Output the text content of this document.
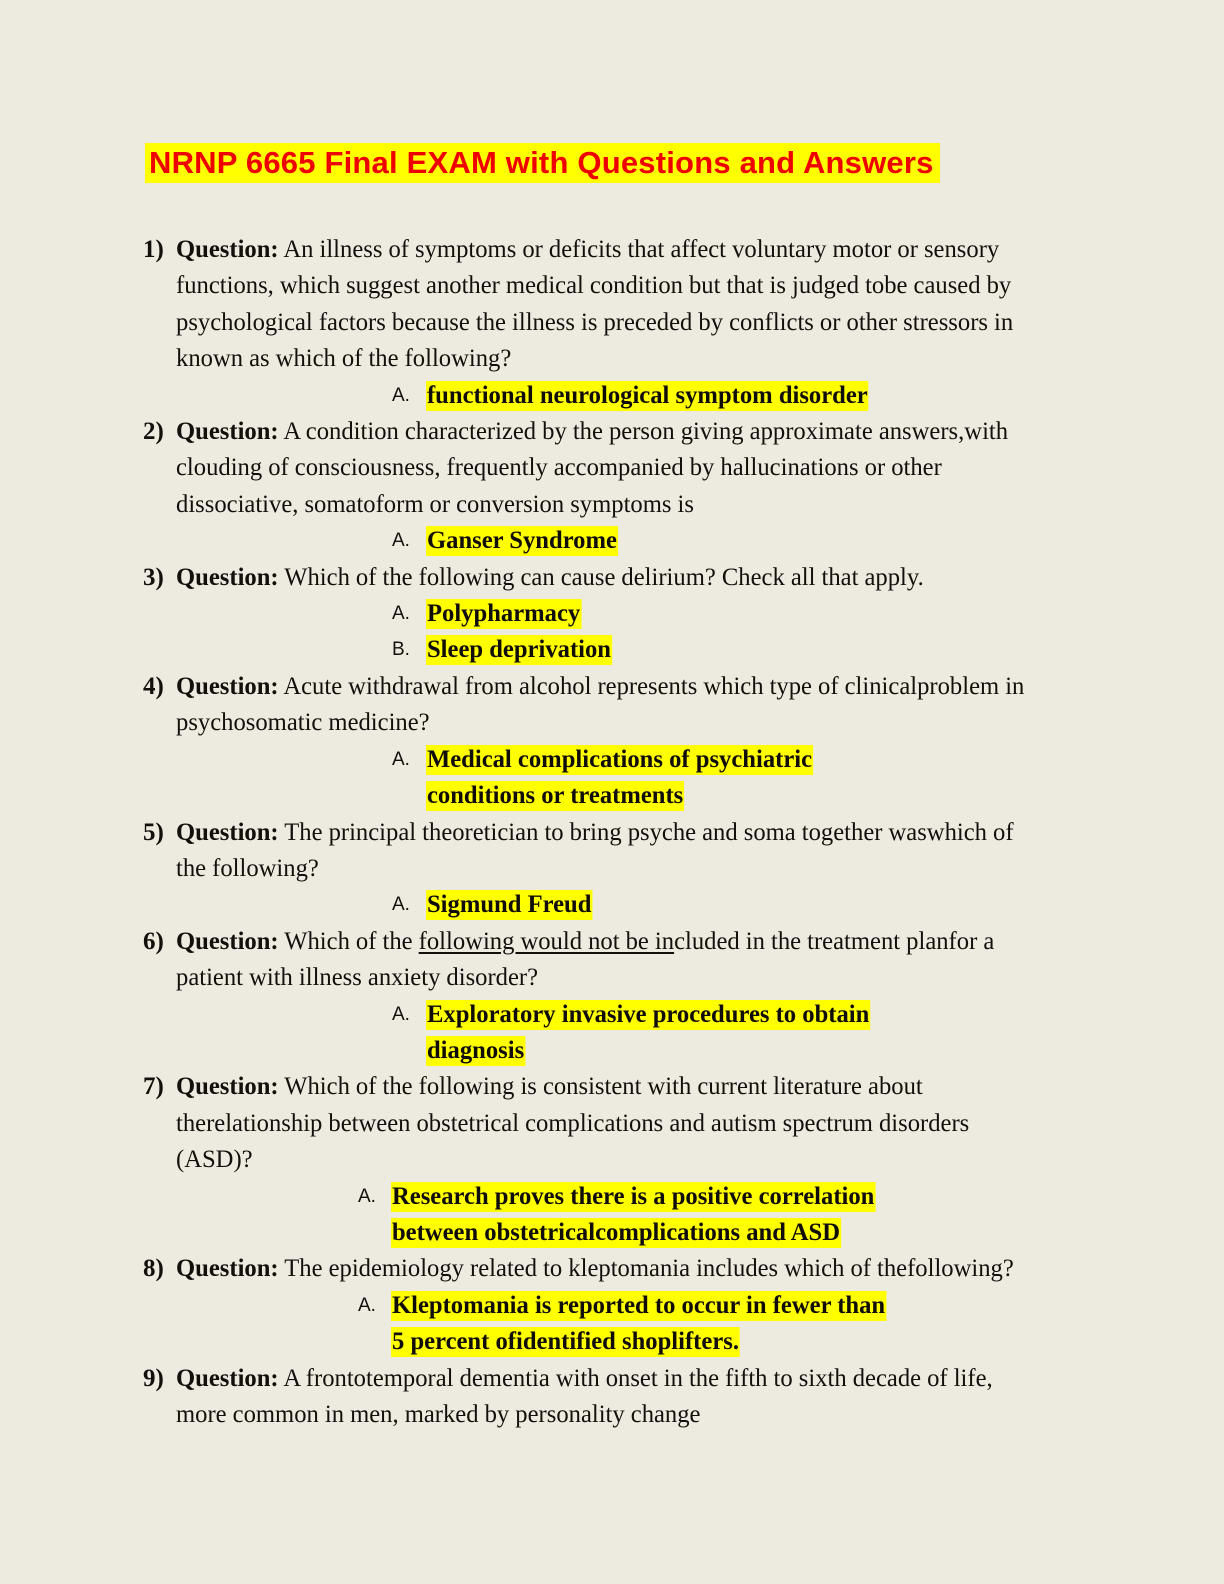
NRNP 6665 Final EXAM with Questions and Answers
1) Question: An illness of symptoms or deficits that affect voluntary motor or sensory functions, which suggest another medical condition but that is judged tobe caused by psychological factors because the illness is preceded by conflicts or other stressors in known as which of the following?
A. functional neurological symptom disorder
2) Question: A condition characterized by the person giving approximate answers,with clouding of consciousness, frequently accompanied by hallucinations or other dissociative, somatoform or conversion symptoms is
A. Ganser Syndrome
3) Question: Which of the following can cause delirium? Check all that apply.
A. Polypharmacy
B. Sleep deprivation
4) Question: Acute withdrawal from alcohol represents which type of clinicalproblem in psychosomatic medicine?
A. Medical complications of psychiatric conditions or treatments
5) Question: The principal theoretician to bring psyche and soma together waswhich of the following?
A. Sigmund Freud
6) Question: Which of the following would not be included in the treatment planfor a patient with illness anxiety disorder?
A. Exploratory invasive procedures to obtain diagnosis
7) Question: Which of the following is consistent with current literature about therelationship between obstetrical complications and autism spectrum disorders (ASD)?
A. Research proves there is a positive correlation between obstetricalcomplications and ASD
8) Question: The epidemiology related to kleptomania includes which of thefollowing?
A. Kleptomania is reported to occur in fewer than 5 percent ofidentified shoplifters.
9) Question: A frontotemporal dementia with onset in the fifth to sixth decade of life, more common in men, marked by personality change
